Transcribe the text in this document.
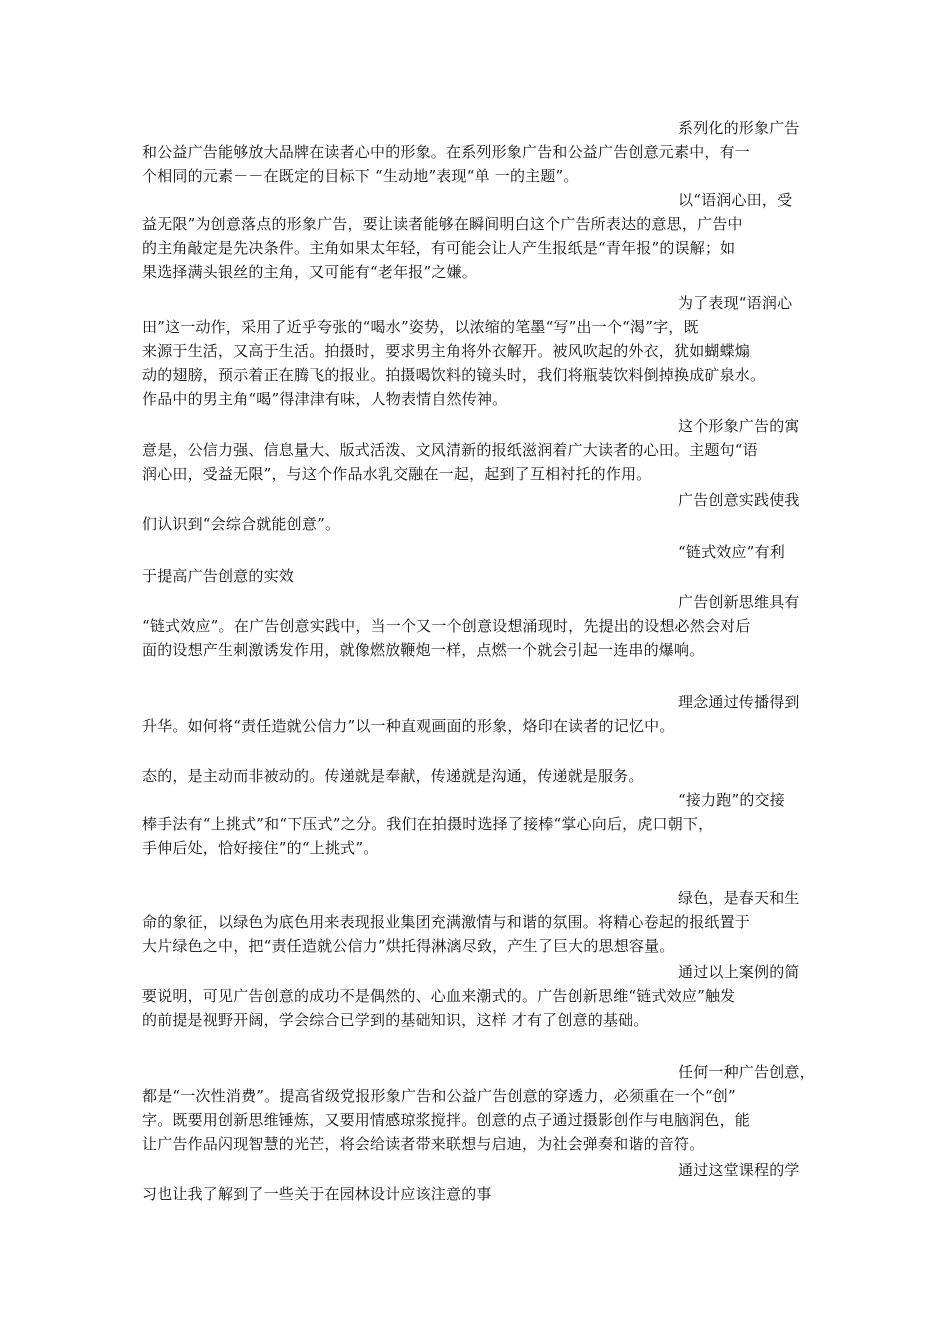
系列化的形象广告
和公益广告能够放大品牌在读者心中的形象。在系列形象广告和公益广告创意元素中，有一
个相同的元素－－在既定的目标下 “生动地”表现“单 一的主题”。
以“语润心田，受
益无限”为创意落点的形象广告，要让读者能够在瞬间明白这个广告所表达的意思，广告中
的主角敲定是先决条件。主角如果太年轻，有可能会让人产生报纸是“青年报”的误解；如
果选择满头银丝的主角，又可能有“老年报”之嫌。
为了表现“语润心
田”这一动作，采用了近乎夸张的“喝水”姿势，以浓缩的笔墨“写”出一个“渴”字，既
来源于生活，又高于生活。拍摄时，要求男主角将外衣解开。被风吹起的外衣，犹如蝴蝶煽
动的翅膀，预示着正在腾飞的报业。拍摄喝饮料的镜头时，我们将瓶装饮料倒掉换成矿泉水。
作品中的男主角“喝”得津津有味，人物表情自然传神。
这个形象广告的寓
意是，公信力强、信息量大、版式活泼、文风清新的报纸滋润着广大读者的心田。主题句“语
润心田，受益无限”，与这个作品水乳交融在一起，起到了互相衬托的作用。
广告创意实践使我
们认识到“会综合就能创意”。
“链式效应”有利
于提高广告创意的实效
广告创新思维具有
“链式效应”。在广告创意实践中，当一个又一个创意设想涌现时，先提出的设想必然会对后
面的设想产生刺激诱发作用，就像燃放鞭炮一样，点燃一个就会引起一连串的爆响。
理念通过传播得到
升华。如何将“责任造就公信力”以一种直观画面的形象，烙印在读者的记忆中。
态的，是主动而非被动的。传递就是奉献，传递就是沟通，传递就是服务。
“接力跑”的交接
棒手法有“上挑式”和“下压式”之分。我们在拍摄时选择了接棒“掌心向后，虎口朝下，
手伸后处，恰好接住”的“上挑式”。
绿色，是春天和生
命的象征，以绿色为底色用来表现报业集团充满激情与和谐的氛围。将精心卷起的报纸置于
大片绿色之中，把“责任造就公信力”烘托得淋漓尽致，产生了巨大的思想容量。
通过以上案例的简
要说明，可见广告创意的成功不是偶然的、心血来潮式的。广告创新思维“链式效应”触发
的前提是视野开阔，学会综合已学到的基础知识，这样 才有了创意的基础。
任何一种广告创意，
都是“一次性消费”。提高省级党报形象广告和公益广告创意的穿透力，必须重在一个“创”
字。既要用创新思维锤炼，又要用情感琼浆搅拌。创意的点子通过摄影创作与电脑润色，能
让广告作品闪现智慧的光芒，将会给读者带来联想与启迪，为社会弹奏和谐的音符。
通过这堂课程的学
习也让我了解到了一些关于在园林设计应该注意的事
